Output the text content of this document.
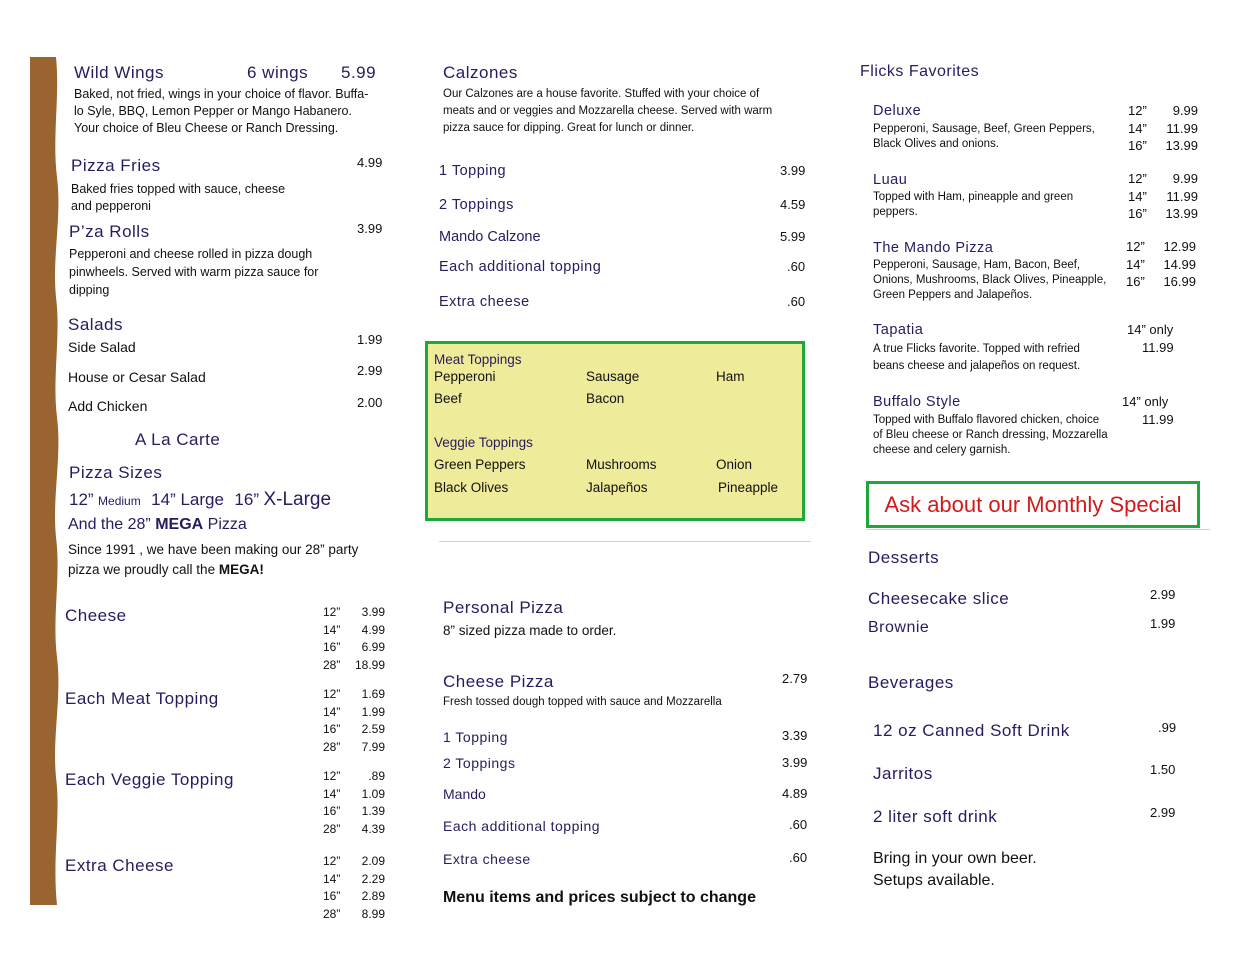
Wild Wings	6 wings 5.99
Baked, not fried, wings in your choice of flavor. Buffa-
lo Syle, BBQ, Lemon Pepper or Mango Habanero.
Your choice of Bleu Cheese or Ranch Dressing.
Pizza Fries	4.99
Baked fries topped with sauce, cheese
and pepperoni
P’za Rolls	3.99
Pepperoni and cheese rolled in pizza dough
pinwheels. Served with warm pizza sauce for
dipping
Salads
Side Salad	1.99
House or Cesar Salad	2.99
Add Chicken	2.00
A La Carte
Pizza Sizes
12” Medium 14” Large 16” X-Large
And the 28” MEGA Pizza
Since 1991 , we have been making our 28” party
pizza we proudly call the MEGA!
Cheese	12” 3.99
14” 4.99
16” 6.99
28” 18.99
Each Meat Topping	12” 1.69
14” 1.99
16” 2.59
28” 7.99
Each Veggie Topping	12” .89
14” 1.09
16” 1.39
28” 4.39
Extra Cheese	12” 2.09
14” 2.29
16” 2.89
28” 8.99
Calzones
Our Calzones are a house favorite. Stuffed with your choice of
meats and or veggies and Mozzarella cheese. Served with warm
pizza sauce for dipping. Great for lunch or dinner.
1 Topping	3.99
2 Toppings	4.59
Mando Calzone	5.99
Each additional topping	.60
Extra cheese	.60
Meat Toppings
Pepperoni	Sausage	Ham
Beef	Bacon
Veggie Toppings
Green Peppers	Mushrooms	Onion
Black Olives	Jalapeños	Pineapple
Personal Pizza
8” sized pizza made to order.
Cheese Pizza	2.79
Fresh tossed dough topped with sauce and Mozzarella
1 Topping	3.39
2 Toppings	3.99
Mando	4.89
Each additional topping	.60
Extra cheese	.60
Menu items and prices subject to change
Flicks Favorites
Deluxe
Pepperoni, Sausage, Beef, Green Peppers,
Black Olives and onions.
12” 9.99
14” 11.99
16” 13.99
Luau
Topped with Ham, pineapple and green
peppers.
12” 9.99
14” 11.99
16” 13.99
The Mando Pizza
Pepperoni, Sausage, Ham, Bacon, Beef,
Onions, Mushrooms, Black Olives, Pineapple,
Green Peppers and Jalapeños.
12” 12.99
14” 14.99
16” 16.99
Tapatia
A true Flicks favorite. Topped with refried
beans cheese and jalapeños on request.
14” only
11.99
Buffalo Style
Topped with Buffalo flavored chicken, choice
of Bleu cheese or Ranch dressing, Mozzarella
cheese and celery garnish.
14” only
11.99
Ask about our Monthly Special
Desserts
Cheesecake slice	2.99
Brownie	1.99
Beverages
12 oz Canned Soft Drink	.99
Jarritos	1.50
2 liter soft drink	2.99
Bring in your own beer.
Setups available.
